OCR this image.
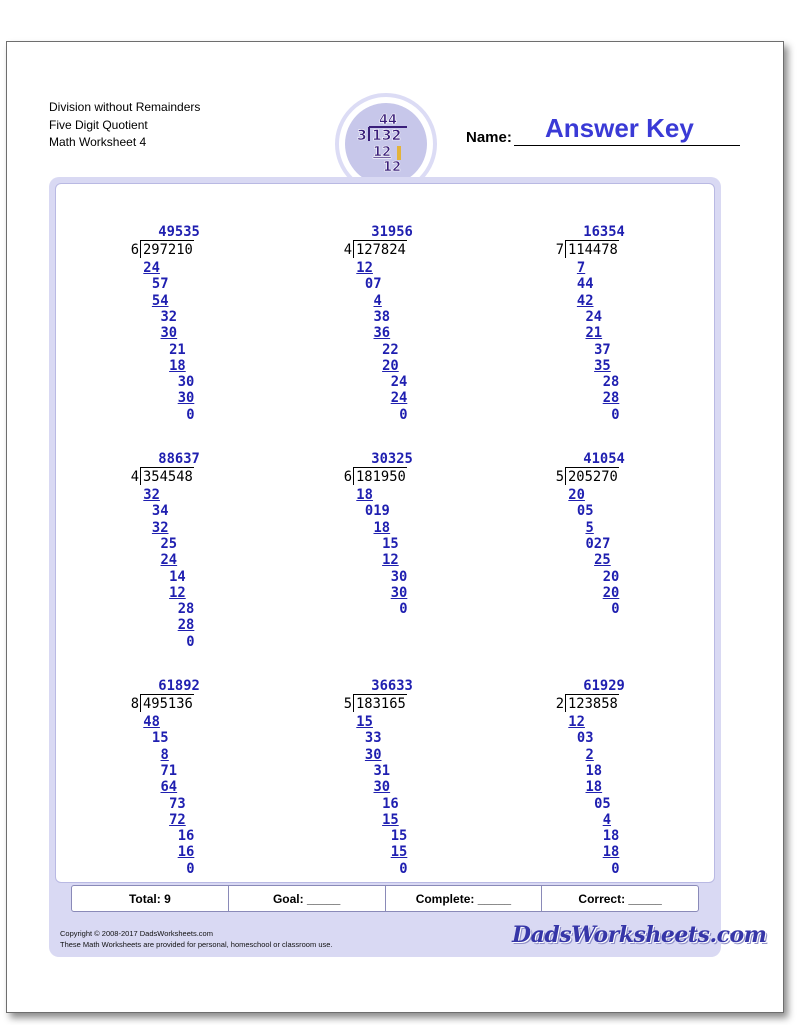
Division without Remainders
Five Digit Quotient
Math Worksheet 4
44
3 132
12
12
Name: Answer Key
49535
6 297210
24
57
54
32
30
21
18
30
30
0
31956
4 127824
12
07
4
38
36
22
20
24
24
0
16354
7 114478
7
44
42
24
21
37
35
28
28
0
88637
4 354548
32
34
32
25
24
14
12
28
28
0
30325
6 181950
18
019
18
15
12
30
30
0
41054
5 205270
20
05
5
027
25
20
20
0
61892
8 495136
48
15
8
71
64
73
72
16
16
0
36633
5 183165
15
33
30
31
30
16
15
15
15
0
61929
2 123858
12
03
2
18
18
05
4
18
18
0
Total: 9	Goal: _____	Complete: _____	Correct: _____
Copyright © 2008-2017 DadsWorksheets.com
These Math Worksheets are provided for personal, homeschool or classroom use.	DadsWorksheets.com
